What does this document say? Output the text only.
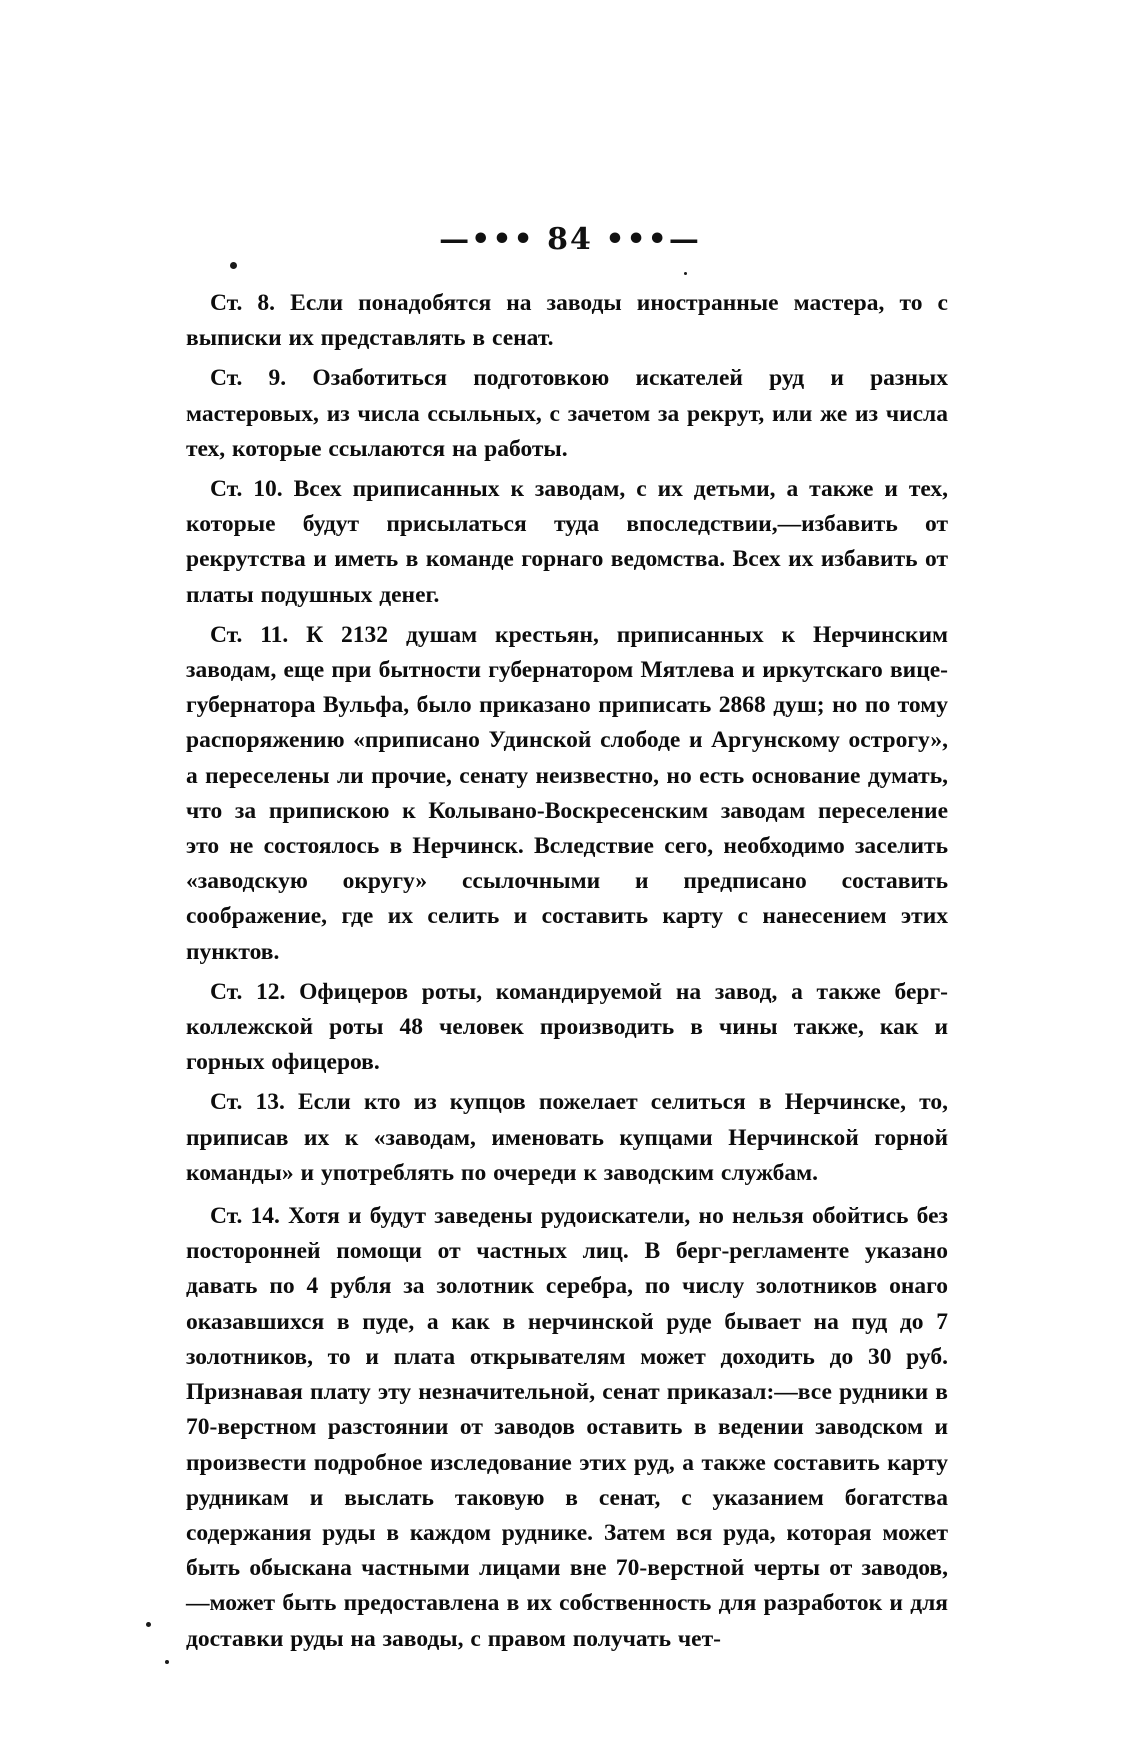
—••• 84 •••—

Ст. 8. Если понадобятся на заводы иностранные мастера, то с выписки их представлять в сенат.

Ст. 9. Озаботиться подготовкою искателей руд и разных мастеровых, из числа ссыльных, с зачетом за рекрут, или же из числа тех, которые ссылаются на работы.

Ст. 10. Всех приписанных к заводам, с их детьми, а также и тех, которые будут присылаться туда впоследствии,—избавить от рекрутства и иметь в команде горнаго ведомства. Всех их избавить от платы подушных денег.

Ст. 11. К 2132 душам крестьян, приписанных к Нерчинским заводам, еще при бытности губернатором Мятлева и иркутскаго вице-губернатора Вульфа, было приказано приписать 2868 душ; но по тому распоряжению «приписано Удинской слободе и Аргунскому острогу», а переселены ли прочие, сенату неизвестно, но есть основание думать, что за припискою к Колывано-Воскресенским заводам переселение это не состоялось в Нерчинск. Вследствие сего, необходимо заселить «заводскую округу» ссылочными и предписано составить соображение, где их селить и составить карту с нанесением этих пунктов.

Ст. 12. Офицеров роты, командируемой на завод, а также берг-коллежской роты 48 человек производить в чины также, как и горных офицеров.

Ст. 13. Если кто из купцов пожелает селиться в Нерчинске, то, приписав их к «заводам, именовать купцами Нерчинской горной команды» и употреблять по очереди к заводским службам.

Ст. 14. Хотя и будут заведены рудоискатели, но нельзя обойтись без посторонней помощи от частных лиц. В берг-регламенте указано давать по 4 рубля за золотник серебра, по числу золотников онаго оказавшихся в пуде, а как в нерчинской руде бывает на пуд до 7 золотников, то и плата открывателям может доходить до 30 руб. Признавая плату эту незначительной, сенат приказал:—все рудники в 70-верстном разстоянии от заводов оставить в ведении заводском и произвести подробное изследование этих руд, а также составить карту рудникам и выслать таковую в сенат, с указанием богатства содержания руды в каждом руднике. Затем вся руда, которая может быть обыскана частными лицами вне 70-верстной черты от заводов,—может быть предоставлена в их собственность для разработок и для доставки руды на заводы, с правом получать чет-
